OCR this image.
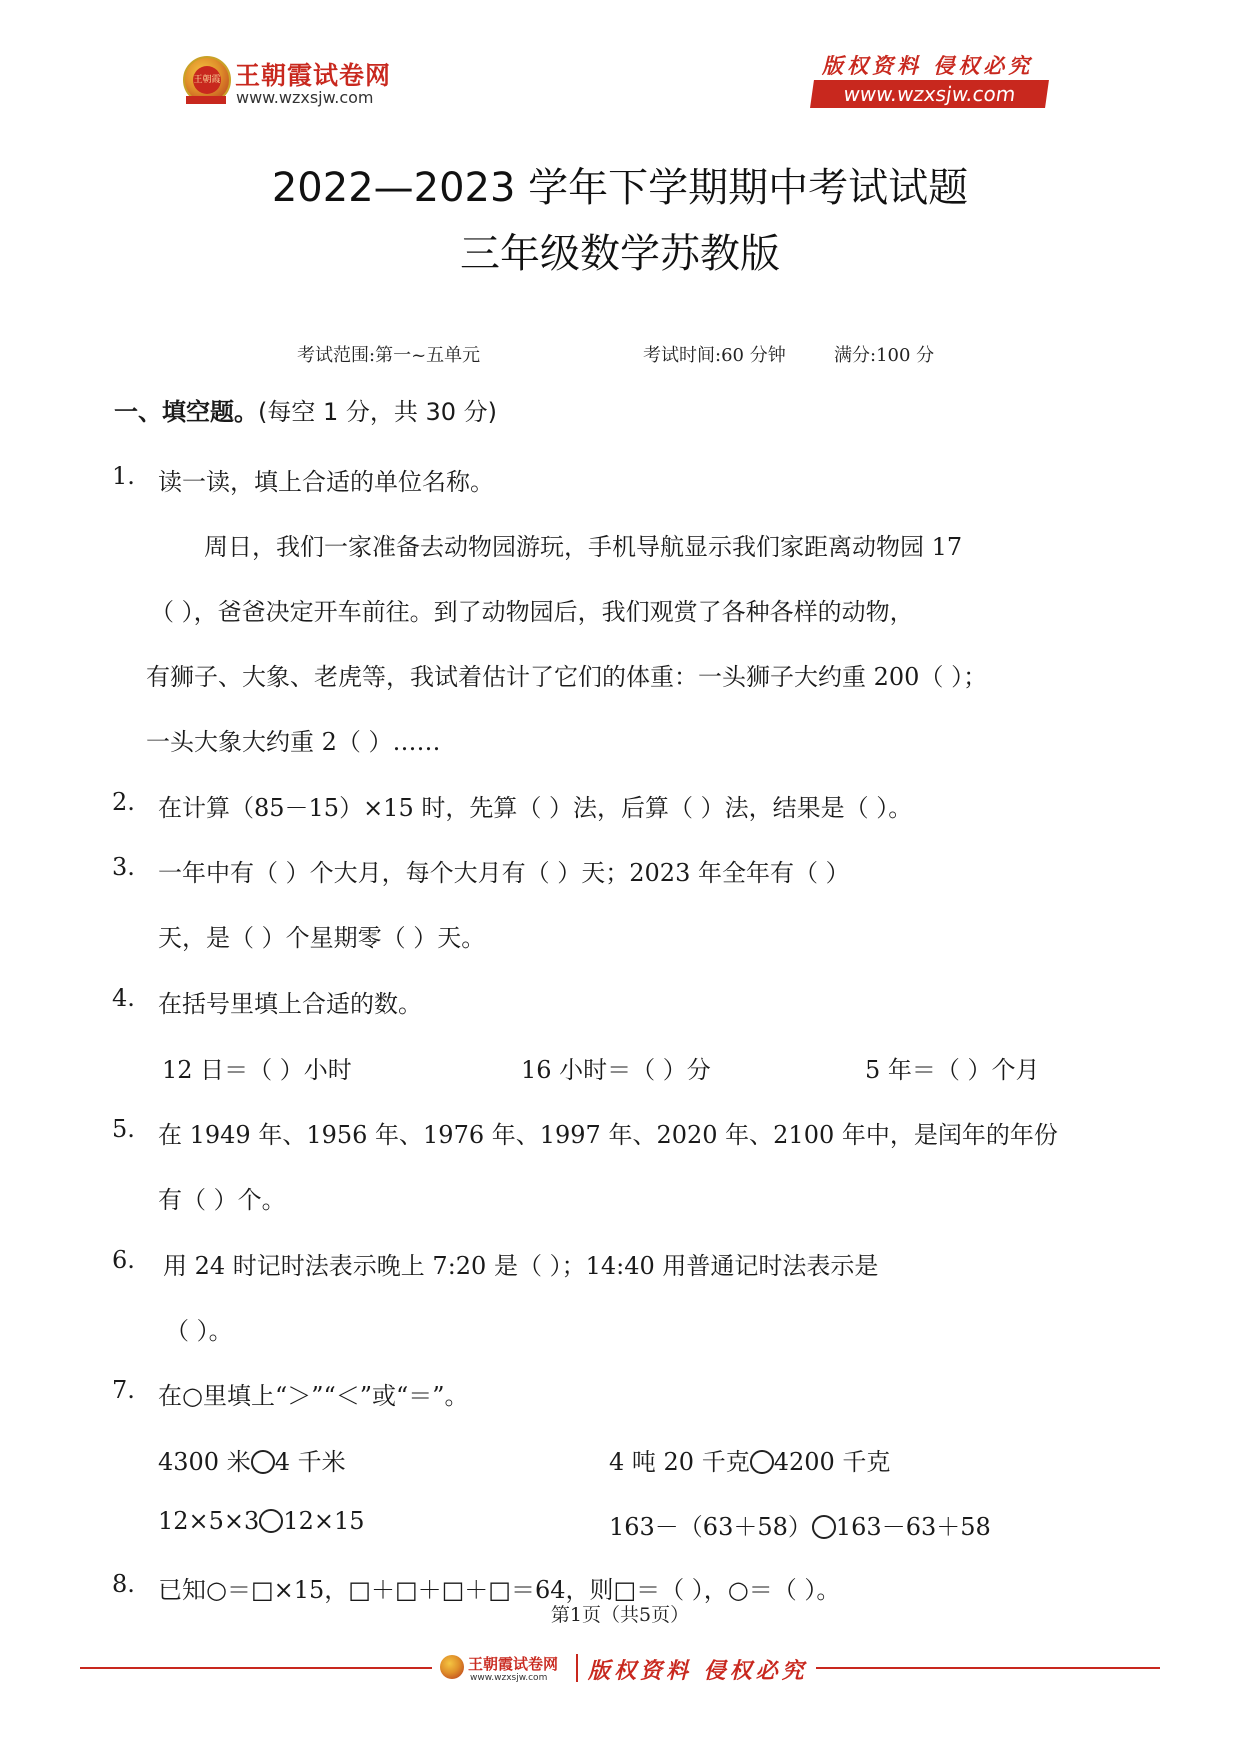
王朝霞 王朝霞试卷网
www.wzxsjw.com
版权资料 侵权必究
www.wzxsjw.com
2022—2023 学年下学期期中考试试题
三年级数学苏教版
考试范围:第一~五单元	考试时间:60 分钟	满分:100 分
一、填空题。(每空 1 分，共 30 分)
1. 读一读，填上合适的单位名称。
周日，我们一家准备去动物园游玩，手机导航显示我们家距离动物园 17
（ ），爸爸决定开车前往。到了动物园后，我们观赏了各种各样的动物，
有狮子、大象、老虎等，我试着估计了它们的体重：一头狮子大约重 200（ ）；
一头大象大约重 2（ ）……
2. 在计算（85－15）×15 时，先算（ ）法，后算（ ）法，结果是（ ）。
3. 一年中有（ ）个大月，每个大月有（ ）天；2023 年全年有（ ）
天，是（ ）个星期零（ ）天。
4. 在括号里填上合适的数。
12 日＝（ ）小时	16 小时＝（ ）分	5 年＝（ ）个月
5. 在 1949 年、1956 年、1976 年、1997 年、2020 年、2100 年中，是闰年的年份
有（ ）个。
6. 用 24 时记时法表示晚上 7:20 是（ ）；14:40 用普通记时法表示是
（ ）。
7. 在○里填上“＞”“＜”或“＝”。
4300 米 4 千米	4 吨 20 千克 4200 千克
12×5×3 12×15	163－（63＋58） 163－63＋58
8. 已知○＝□×15，□＋□＋□＋□＝64，则□＝（ ），○＝（ ）。
第1页（共5页）
王朝霞试卷网
www.wzxsjw.com 版权资料 侵权必究
